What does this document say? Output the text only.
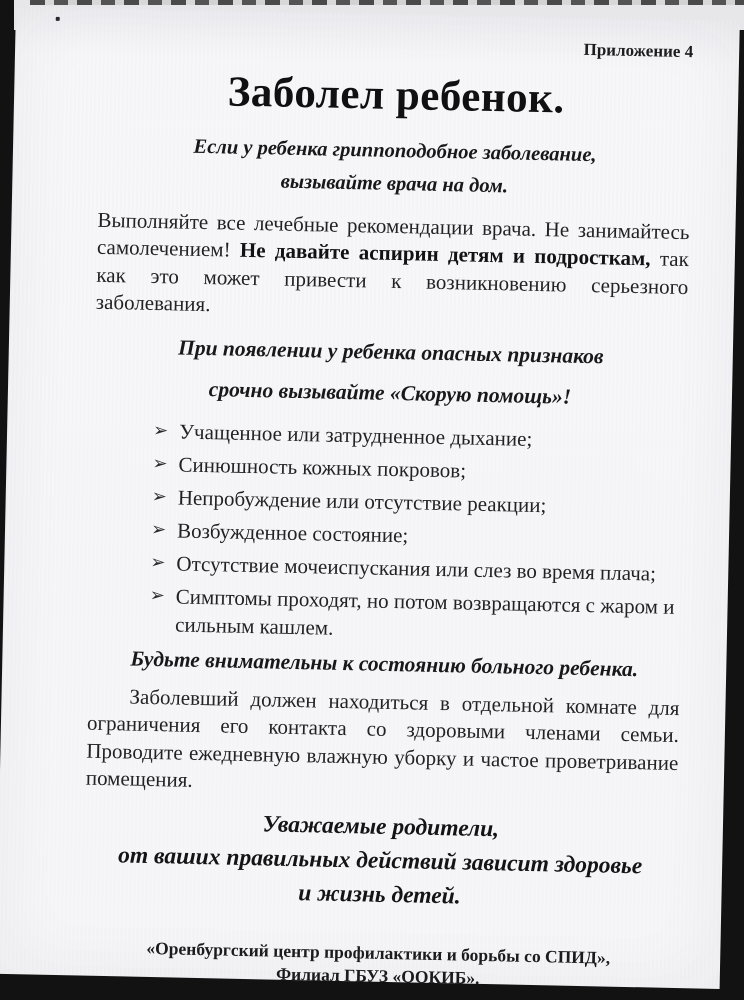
Приложение 4
Заболел ребенок.
Если у ребенка гриппоподобное заболевание,
вызывайте врача на дом.

Выполняйте все лечебные рекомендации врача. Не занимайтесь самолечением! Не давайте аспирин детям и подросткам, так как это может привести к возникновению серьезного заболевания.

При появлении у ребенка опасных признаков
срочно вызывайте «Скорую помощь»!
➢ Учащенное или затрудненное дыхание;
➢ Синюшность кожных покровов;
➢ Непробуждение или отсутствие реакции;
➢ Возбужденное состояние;
➢ Отсутствие мочеиспускания или слез во время плача;
➢ Симптомы проходят, но потом возвращаются с жаром и сильным кашлем.
Будьте внимательны к состоянию больного ребенка.

Заболевший должен находиться в отдельной комнате для ограничения его контакта со здоровыми членами семьи. Проводите ежедневную влажную уборку и частое проветривание помещения.

Уважаемые родители,
от ваших правильных действий зависит здоровье
и жизнь детей.
«Оренбургский центр профилактики и борьбы со СПИД»,
Филиал ГБУЗ «ООКИБ».
